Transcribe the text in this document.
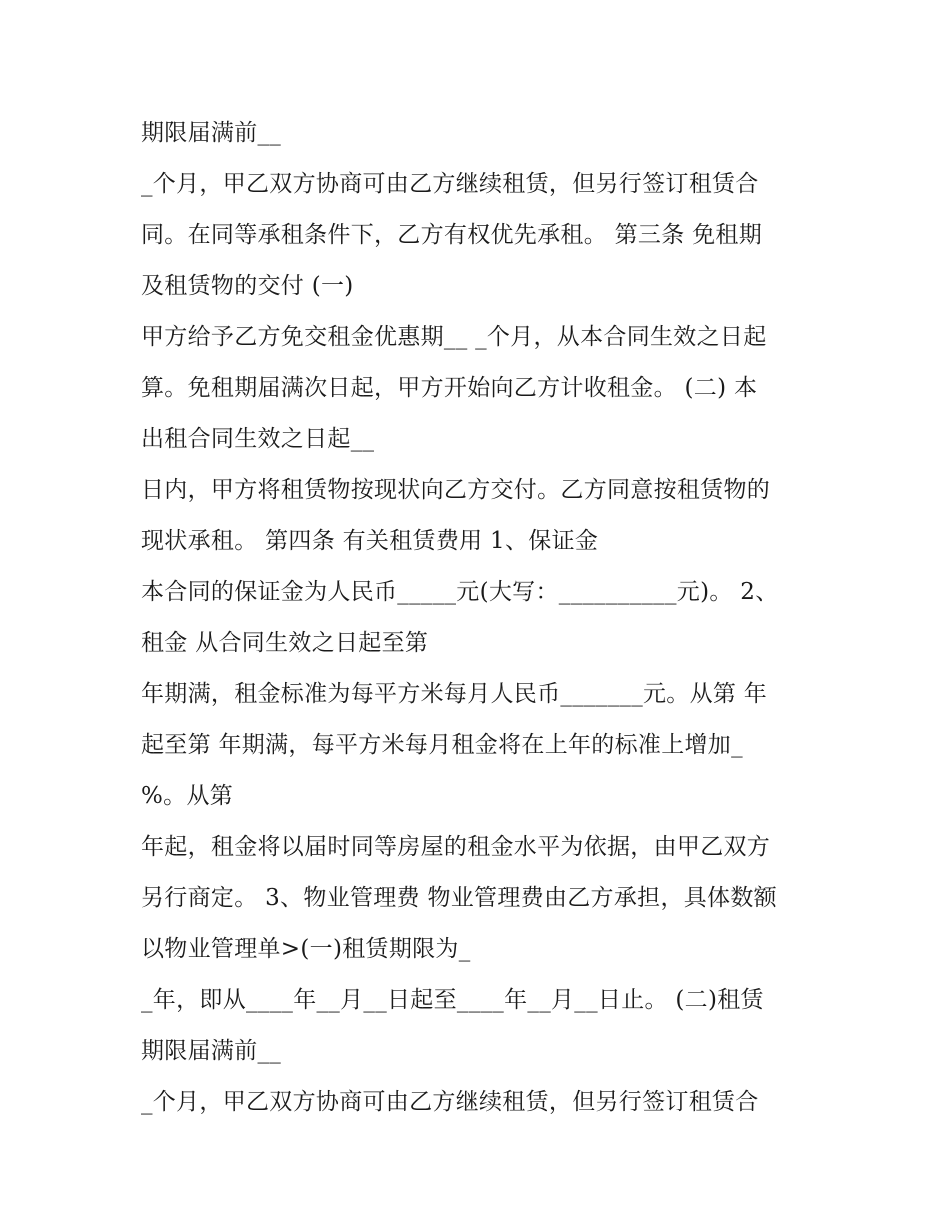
期限届满前__
_个月，甲乙双方协商可由乙方继续租赁，但另行签订租赁合
同。在同等承租条件下，乙方有权优先承租。 第三条 免租期
及租赁物的交付 (一)
甲方给予乙方免交租金优惠期__ _个月，从本合同生效之日起
算。免租期届满次日起，甲方开始向乙方计收租金。 (二) 本
出租合同生效之日起__
日内，甲方将租赁物按现状向乙方交付。乙方同意按租赁物的
现状承租。 第四条 有关租赁费用 1、保证金
本合同的保证金为人民币_____元(大写：__________元)。 2、
租金 从合同生效之日起至第
年期满，租金标准为每平方米每月人民币_______元。从第 年
起至第 年期满，每平方米每月租金将在上年的标准上增加_
%。从第
年起，租金将以届时同等房屋的租金水平为依据，由甲乙双方
另行商定。 3、物业管理费 物业管理费由乙方承担，具体数额
以物业管理单>(一)租赁期限为_
_年，即从____年__月__日起至____年__月__日止。 (二)租赁
期限届满前__
_个月，甲乙双方协商可由乙方继续租赁，但另行签订租赁合
